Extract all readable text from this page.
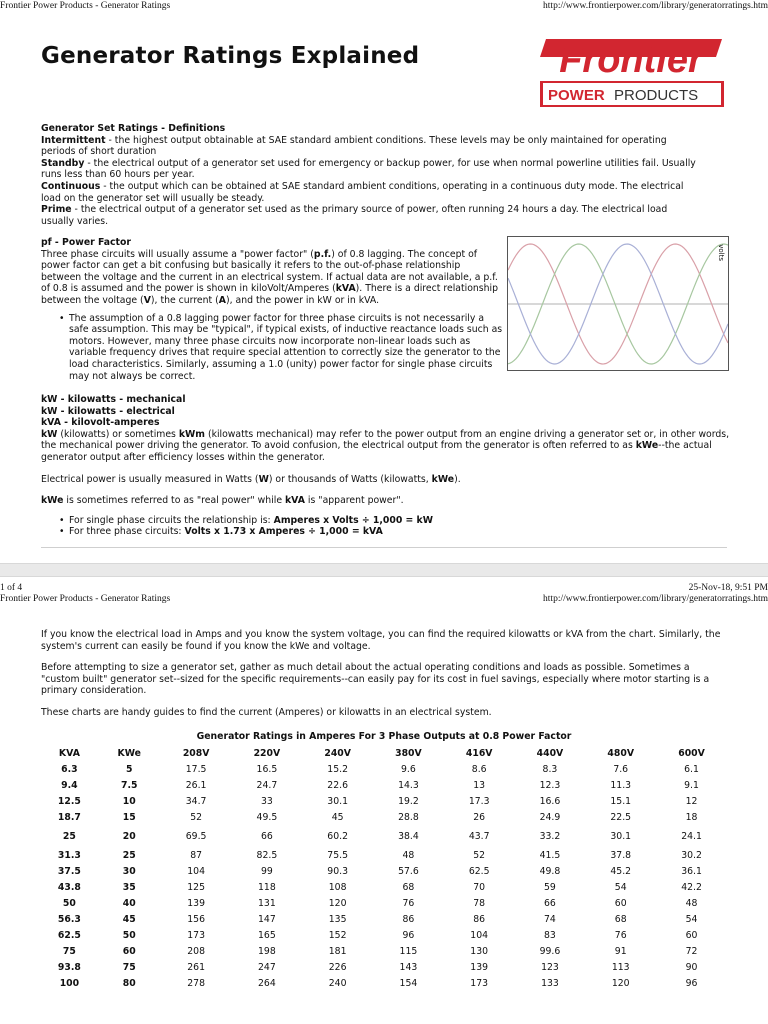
Frontier Power Products - Generator Ratings	http://www.frontierpower.com/library/generatorratings.htm
Generator Ratings Explained	Frontier
POWER PRODUCTS
Generator Set Ratings - Definitions
Intermittent - the highest output obtainable at SAE standard ambient conditions. These levels may be only maintained for operating periods of short duration
Standby - the electrical output of a generator set used for emergency or backup power, for use when normal powerline utilities fail. Usually runs less than 60 hours per year.
Continuous - the output which can be obtained at SAE standard ambient conditions, operating in a continuous duty mode. The electrical load on the generator set will usually be steady.
Prime - the electrical output of a generator set used as the primary source of power, often running 24 hours a day. The electrical load usually varies.
pf - Power Factor
Three phase circuits will usually assume a "power factor" (p.f.) of 0.8 lagging. The concept of power factor can get a bit confusing but basically it refers to the out-of-phase relationship between the voltage and the current in an electrical system. If actual data are not available, a p.f. of 0.8 is assumed and the power is shown in kiloVolt/Amperes (kVA). There is a direct relationship between the voltage (V), the current (A), and the power in kW or in kVA.
• The assumption of a 0.8 lagging power factor for three phase circuits is not necessarily a safe assumption. This may be "typical", if typical exists, of inductive reactance loads such as motors. However, many three phase circuits now incorporate non-linear loads such as variable frequency drives that require special attention to correctly size the generator to the load characteristics. Similarly, assuming a 1.0 (unity) power factor for single phase circuits may not always be correct.
volts
kW - kilowatts - mechanical
kW - kilowatts - electrical
kVA - kilovolt-amperes
kW (kilowatts) or sometimes kWm (kilowatts mechanical) may refer to the power output from an engine driving a generator set or, in other words, the mechanical power driving the generator. To avoid confusion, the electrical output from the generator is often referred to as kWe--the actual generator output after efficiency losses within the generator.
Electrical power is usually measured in Watts (W) or thousands of Watts (kilowatts, kWe).
kWe is sometimes referred to as "real power" while kVA is "apparent power".
• For single phase circuits the relationship is: Amperes x Volts ÷ 1,000 = kW
• For three phase circuits: Volts x 1.73 x Amperes ÷ 1,000 = kVA
1 of 4	25-Nov-18, 9:51 PM
Frontier Power Products - Generator Ratings	http://www.frontierpower.com/library/generatorratings.htm
If you know the electrical load in Amps and you know the system voltage, you can find the required kilowatts or kVA from the chart. Similarly, the system's current can easily be found if you know the kWe and voltage.
Before attempting to size a generator set, gather as much detail about the actual operating conditions and loads as possible. Sometimes a "custom built" generator set--sized for the specific requirements--can easily pay for its cost in fuel savings, especially where motor starting is a primary consideration.
These charts are handy guides to find the current (Amperes) or kilowatts in an electrical system.
Generator Ratings in Amperes For 3 Phase Outputs at 0.8 Power Factor
KVA	KWe	208V	220V	240V	380V	416V	440V	480V	600V
6.3	5	17.5	16.5	15.2	9.6	8.6	8.3	7.6	6.1
9.4	7.5	26.1	24.7	22.6	14.3	13	12.3	11.3	9.1
12.5	10	34.7	33	30.1	19.2	17.3	16.6	15.1	12
18.7	15	52	49.5	45	28.8	26	24.9	22.5	18
25	20	69.5	66	60.2	38.4	43.7	33.2	30.1	24.1
31.3	25	87	82.5	75.5	48	52	41.5	37.8	30.2
37.5	30	104	99	90.3	57.6	62.5	49.8	45.2	36.1
43.8	35	125	118	108	68	70	59	54	42.2
50	40	139	131	120	76	78	66	60	48
56.3	45	156	147	135	86	86	74	68	54
62.5	50	173	165	152	96	104	83	76	60
75	60	208	198	181	115	130	99.6	91	72
93.8	75	261	247	226	143	139	123	113	90
100	80	278	264	240	154	173	133	120	96
